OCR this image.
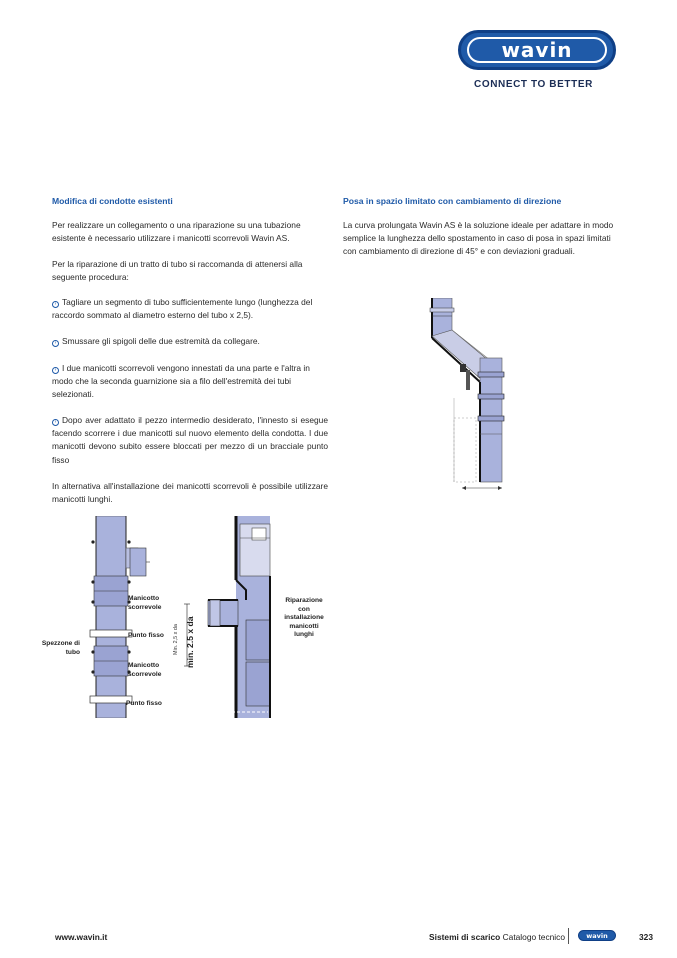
wavin
CONNECT TO BETTER
Modifica di condotte esistenti
Per realizzare un collegamento o una riparazione su una tubazione esistente è necessario utilizzare i manicotti scorrevoli Wavin AS.
Per la riparazione di un tratto di tubo si raccomanda di attenersi alla seguente procedura:
› Tagliare un segmento di tubo sufficientemente lungo (lunghezza del raccordo sommato al diametro esterno del tubo x 2,5).
› Smussare gli spigoli delle due estremità da collegare.
› I due manicotti scorrevoli vengono innestati da una parte e l'altra in modo che la seconda guarnizione sia a filo dell'estremità dei tubi selezionati.
› Dopo aver adattato il pezzo intermedio desiderato, l'innesto si esegue facendo scorrere i due manicotti sul nuovo elemento della condotta. I due manicotti devono subito essere bloccati per mezzo di un bracciale punto fisso
In alternativa all'installazione dei manicotti scorrevoli è possibile utilizzare manicotti lunghi.
Posa in spazio limitato con cambiamento di direzione
La curva prolungata Wavin AS è la soluzione ideale per adattare in modo semplice la lunghezza dello spostamento in caso di posa in spazi limitati con cambiamento di direzione di 45° e con deviazioni graduali.
Manicotto scorrevole
Punto fisso
Spezzone di tubo
Manicotto scorrevole
Punto fisso
Min. 2,5 x da min. 2.5 x da
Riparazione con installazione manicotti lunghi
www.wavin.it	Sistemi di scarico Catalogo tecnico	wavin	323
